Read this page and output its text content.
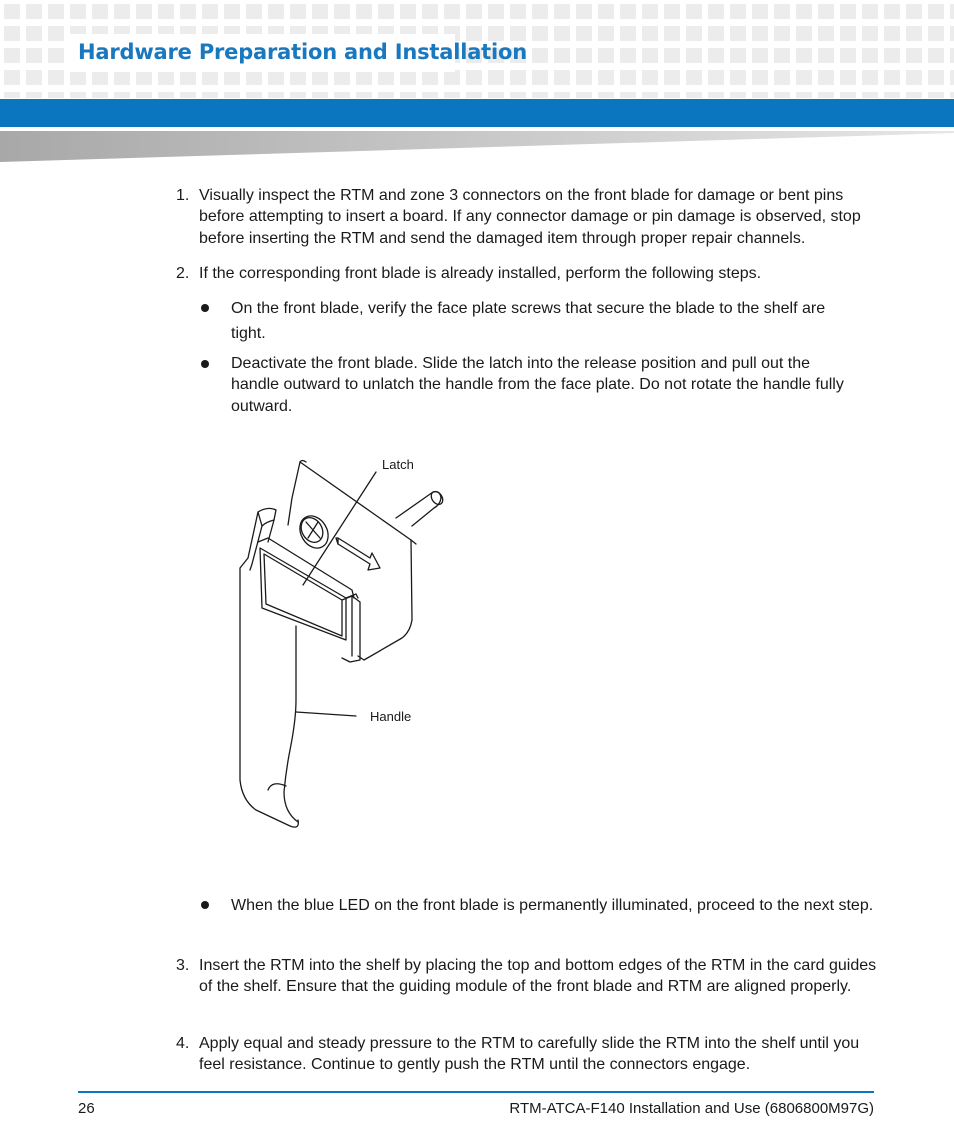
Hardware Preparation and Installation
1. Visually inspect the RTM and zone 3 connectors on the front blade for damage or bent pins before attempting to insert a board. If any connector damage or pin damage is observed, stop before inserting the RTM and send the damaged item through proper repair channels.
2. If the corresponding front blade is already installed, perform the following steps.
On the front blade, verify the face plate screws that secure the blade to the shelf are tight.
Deactivate the front blade. Slide the latch into the release position and pull out the handle outward to unlatch the handle from the face plate. Do not rotate the handle fully outward.
Latch
Handle
When the blue LED on the front blade is permanently illuminated, proceed to the next step.
3. Insert the RTM into the shelf by placing the top and bottom edges of the RTM in the card guides of the shelf. Ensure that the guiding module of the front blade and RTM are aligned properly.
4. Apply equal and steady pressure to the RTM to carefully slide the RTM into the shelf until you feel resistance. Continue to gently push the RTM until the connectors engage.
26	RTM-ATCA-F140 Installation and Use (6806800M97G)
